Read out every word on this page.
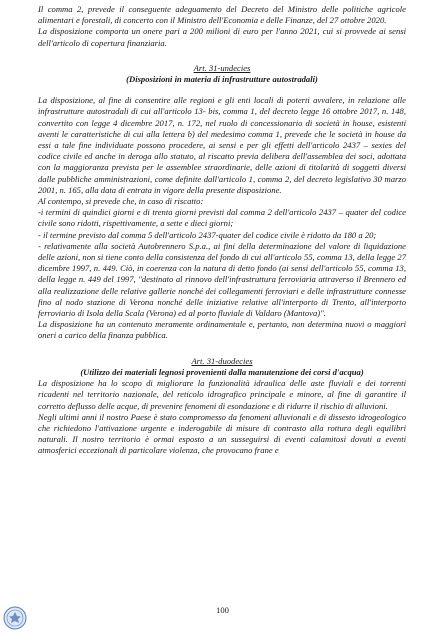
Il comma 2, prevede il conseguente adeguamento del Decreto del Ministro delle politiche agricole alimentari e forestali, di concerto con il Ministro dell'Economia e delle Finanze, del 27 ottobre 2020.

La disposizione comporta un onere pari a 200 milioni di euro per l'anno 2021, cui si provvede ai sensi dell'articolo di copertura finanziaria.

Art. 31-undecies

(Disposizioni in materia di infrastrutture autostradali)

La disposizione, al fine di consentire alle regioni e gli enti locali di poterti avvalere, in relazione alle infrastrutture autostradali di cui all'articolo 13- bis, comma 1, del decreto legge 16 ottobre 2017, n. 148, convertito con legge 4 dicembre 2017, n. 172, nel ruolo di concessionario di società in house, esistenti aventi le caratteristiche di cui alla lettera b) del medesimo comma 1, prevede che le società in house da essi a tale fine individuate possono procedere, ai sensi e per gli effetti dell'articolo 2437 – sexies del codice civile ed anche in deroga allo statuto, al riscatto previa delibera dell'assemblea dei soci, adottata con la maggioranza prevista per le assemblee straordinarie, delle azioni di titolarità di soggetti diversi dalle pubbliche amministrazioni, come definite dall'articolo 1, comma 2, del decreto legislativo 30 marzo 2001, n. 165, alla data di entrata in vigore della presente disposizione.

Al contempo, si prevede che, in caso di riscatto:

-i termini di quindici giorni e di trenta giorni previsti dal comma 2 dell'articolo 2437 – quater del codice civile sono ridotti, rispettivamente, a sette e dieci giorni;

- il termine previsto dal comma 5 dell'articolo 2437-quater del codice civile è ridotto da 180 a 20;

- relativamente alla società Autobrennero S.p.a., ai fini della determinazione del valore di liquidazione delle azioni, non si tiene conto della consistenza del fondo di cui all'articolo 55, comma 13, della legge 27 dicembre 1997, n. 449. Ciò, in coerenza con la natura di detto fondo (ai sensi dell'articolo 55, comma 13, della legge n. 449 del 1997, "destinato al rinnovo dell'infrastruttura ferroviaria attraverso il Brennero ed alla realizzazione delle relative gallerie nonché dei collegamenti ferroviari e delle infrastrutture connesse fino al nodo stazione di Verona nonché delle iniziative relative all'interporto di Trento, all'interporto ferroviario di Isola della Scala (Verona) ed al porto fluviale di Valdaro (Mantova)".

La disposizione ha un contenuto meramente ordinamentale e, pertanto, non determina nuovi o maggiori oneri a carico della finanza pubblica.

Art. 31-duodecies

(Utilizzo dei materiali legnosi provenienti dalla manutenzione dei corsi d'acqua)

La disposizione ha lo scopo di migliorare la funzionalità idraulica delle aste fluviali e dei torrenti ricadenti nel territorio nazionale, del reticolo idrografico principale e minore, al fine di garantire il corretto deflusso delle acque, di prevenire fenomeni di esondazione e di ridurre il rischio di alluvioni.

Negli ultimi anni il nostro Paese è stato compromesso da fenomeni alluvionali e di dissesto idrogeologico che richiedono l'attivazione urgente e inderogabile di misure di contrasto alla rottura degli equilibri naturali. Il nostro territorio è ormai esposto a un susseguirsi di eventi calamitosi dovuti a eventi atmosferici eccezionali di particolare violenza, che provocano frane e

100
